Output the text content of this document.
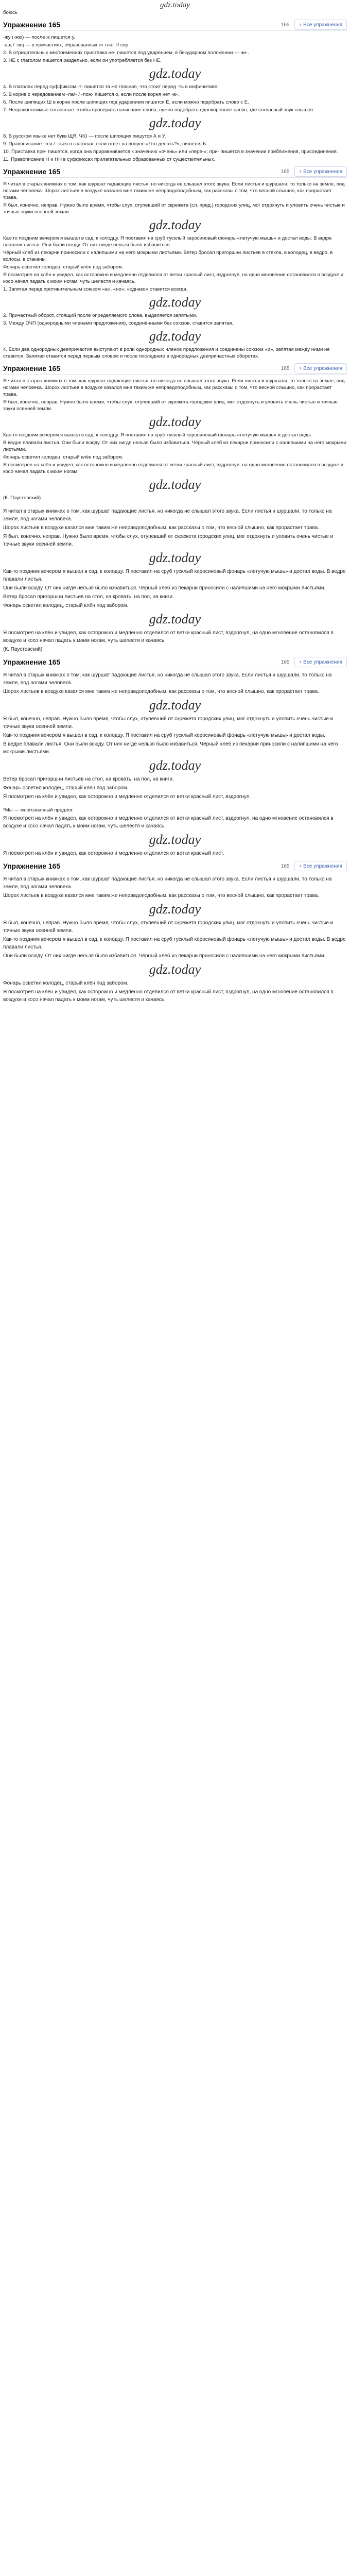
gdz.today
боюсь
Упражнение 165	165 › Все упражнения
-жу (-жю) — после ж пишется у.
-ащ / -ящ — в причастиях, образованных от глаг. II спр.
2. В отрицательных местоимениях приставка не- пишется под ударением, в безударном положении — ни-.
3. НЕ с глаголом пишется раздельно, если он употребляется без НЕ.
gdz.today
4. В глаголах перед суффиксом -т- пишется та же гласная, что стоит перед -ть в инфинитиве.
5. В корне с чередованием -лаг- / -лож- пишется о, если после корня нет -а-.
6. После шипящих Ш в корне после шипящих под ударением пишется Ё, если можно подобрать слово с Е.
7. Непроизносимые согласные: чтобы проверить написание слова, нужно подобрать однокоренное слово, где согласный звук слышен.
gdz.today
8. В русском языке нет букв ЩЯ, ЧЮ — после шипящих пишутся А и У.
9. Правописание -тся / -ться в глаголах: если ответ на вопрос «Что делать?», пишется Ь.
10. Приставка пре- пишется, когда она приравнивается к значению «очень» или «пере-»; при- пишется в значении приближения, присоединения.
11. Правописание Н и НН в суффиксах прилагательных образованных от существительных.
Упражнение 165	165 › Все упражнения
Я читал в старых книжках о том, как шуршат падающие листья, но никогда не слышал этого звука. Если листья и шуршали, то только на земле, под ногами человека. Шорох листьев в воздухе казался мне таким же неправдоподобным, как рассказы о том, что весной слышно, как прорастает трава.
Я был, конечно, неправ. Нужно было время, чтобы слух, отупевший от скрежета (сл. пред.) городских улиц, мог отдохнуть и уловить очень чистые и точные звуки осенней земли.
gdz.today
Как-то поздним вечером я вышел в сад, к колодцу. Я поставил на сруб тусклый керосиновый фонарь «летучую мышь» и достал воды. В ведре плавали листья. Они были всюду. От них нигде нельзя было избавиться.
Чёрный хлеб из пекарни приносили с налипшими на него мокрыми листьями. Ветер бросал пригоршни листьев в стекла, в колодец, в ведро, в волосы, в стаканы.
Фонарь осветил колодец, старый клён под забором.
Я посмотрел на клён и увидел, как осторожно и медленно отделился от ветки красный лист, вздрогнул, на одно мгновение остановился в воздухе и косо начал падать к моим ногам, чуть шелестя и качаясь.
1. Запятая перед противительным союзом «а», «но», «однако» ставится всегда.
gdz.today
2. Причастный оборот, стоящий после определяемого слова, выделяется запятыми.
3. Между ОЧП (однородными членами предложения), соединёнными без союзов, ставится запятая.
gdz.today
4. Если два однородных деепричастия выступают в роли однородных членов предложения и соединены союзом «и», запятая между ними не ставится. Запятая ставится перед первым словом и после последнего в однородных деепричастных оборотах.
Упражнение 165	165 › Все упражнения
Я читал в старых книжках о том, как шуршат падающие листья, но никогда не слышал этого звука. Если листья и шуршали, то только на земле, под ногами человека. Шорох листьев в воздухе казался мне таким же неправдоподобным, как рассказы о том, что весной слышно, как прорастает трава.
Я был, конечно, неправ. Нужно было время, чтобы слух, отупевший от скрежета городских улиц, мог отдохнуть и уловить очень чистые и точные звуки осенней земли.
gdz.today
Как-то поздним вечером я вышел в сад, к колодцу. Я поставил на сруб тусклый керосиновый фонарь «летучую мышь» и достал воды.
В ведре плавали листья. Они были всюду. От них нигде нельзя было избавиться. Чёрный хлеб из пекарни приносили с налипшими на него мокрыми листьями.
Фонарь осветил колодец, старый клён под забором.
Я посмотрел на клён и увидел, как осторожно и медленно отделился от ветки красный лист, вздрогнул, на одно мгновение остановился в воздухе и косо начал падать к моим ногам.
gdz.today
(К. Паустовский)
Я читал в старых книжках о том, как шуршат падающие листья, но никогда не слышал этого звука. Если листья и шуршали, то только на земле, под ногами человека.
Шорох листьев в воздухе казался мне таким же неправдоподобным, как рассказы о том, что весной слышно, как прорастает трава.
Я был, конечно, неправ. Нужно было время, чтобы слух, отупевший от скрежета городских улиц, мог отдохнуть и уловить очень чистые и точные звуки осенней земли.
gdz.today
Как-то поздним вечером я вышел в сад, к колодцу. Я поставил на сруб тусклый керосиновый фонарь «летучую мышь» и достал воды. В ведре плавали листья.
Они были всюду. От них нигде нельзя было избавиться. Чёрный хлеб из пекарни приносили с налипшими на него мокрыми листьями.
Ветер бросал пригоршни листьев на стол, на кровать, на пол, на книги.
Фонарь осветил колодец, старый клён под забором.
gdz.today
Я посмотрел на клён и увидел, как осторожно и медленно отделился от ветки красный лист, вздрогнул, на одно мгновение остановился в воздухе и косо начал падать к моим ногам, чуть шелестя и качаясь.
(К. Паустовский)
Упражнение 165	165 › Все упражнения
Я читал в старых книжках о том, как шуршат падающие листья, но никогда не слышал этого звука. Если листья и шуршали, то только на земле, под ногами человека.
Шорох листьев в воздухе казался мне таким же неправдоподобным, как рассказы о том, что весной слышно, как прорастает трава.
gdz.today
Я был, конечно, неправ. Нужно было время, чтобы слух, отупевший от скрежета городских улиц, мог отдохнуть и уловить очень чистые и точные звуки осенней земли.
Как-то поздним вечером я вышел в сад, к колодцу. Я поставил на сруб тусклый керосиновый фонарь «летучую мышь» и достал воды.
В ведре плавали листья. Они были всюду. От них нигде нельзя было избавиться. Чёрный хлеб из пекарни приносили с налипшими на него мокрыми листьями.
gdz.today
Ветер бросал пригоршни листьев на стол, на кровать, на пол, на книги.
Фонарь осветил колодец, старый клён под забором.
Я посмотрел на клён и увидел, как осторожно и медленно отделился от ветки красный лист, вздрогнул.
*Мы — многозначный предлог.
Я посмотрел на клён и увидел, как осторожно и медленно отделился от ветки красный лист, вздрогнул, на одно мгновение остановился в воздухе и косо начал падать к моим ногам, чуть шелестя и качаясь.
gdz.today
Я посмотрел на клён и увидел, как осторожно и медленно отделился от ветки красный лист.
Упражнение 165	165 › Все упражнения
Я читал в старых книжках о том, как шуршат падающие листья, но никогда не слышал этого звука. Если листья и шуршали, то только на земле, под ногами человека.
Шорох листьев в воздухе казался мне таким же неправдоподобным, как рассказы о том, что весной слышно, как прорастает трава.
gdz.today
Я был, конечно, неправ. Нужно было время, чтобы слух, отупевший от скрежета городских улиц, мог отдохнуть и уловить очень чистые и точные звуки осенней земли.
Как-то поздним вечером я вышел в сад, к колодцу. Я поставил на сруб тусклый керосиновый фонарь «летучую мышь» и достал воды. В ведре плавали листья.
Они были всюду. От них нигде нельзя было избавиться. Чёрный хлеб из пекарни приносили с налипшими на него мокрыми листьями.
gdz.today
Фонарь осветил колодец, старый клён под забором.
Я посмотрел на клён и увидел, как осторожно и медленно отделился от ветки красный лист, вздрогнул, на одно мгновение остановился в воздухе и косо начал падать к моим ногам, чуть шелестя и качаясь.
